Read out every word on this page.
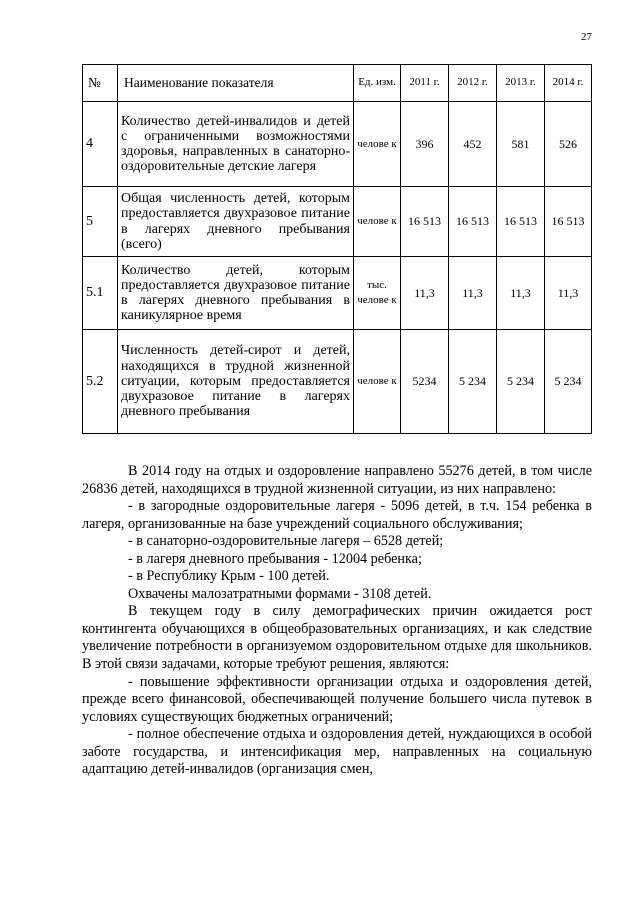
27
№	Наименование показателя	Ед. изм.	2011 г.	2012 г.	2013 г.	2014 г.
4	Количество детей-инвалидов и детей с ограниченными возможностями здоровья, направленных в санаторно-оздоровительные детские лагеря	челове к	396	452	581	526
5	Общая численность детей, которым предоставляется двухразовое питание в лагерях дневного пребывания (всего)	челове к	16 513	16 513	16 513	16 513
5.1	Количество детей, которым предоставляется двухразовое питание в лагерях дневного пребывания в каникулярное время	тыс. челове к	11,3	11,3	11,3	11,3
5.2	Численность детей-сирот и детей, находящихся в трудной жизненной ситуации, которым предоставляется двухразовое питание в лагерях дневного пребывания	челове к	5234	5 234	5 234	5 234

В 2014 году на отдых и оздоровление направлено 55276 детей, в том числе 26836 детей, находящихся в трудной жизненной ситуации, из них направлено:

- в загородные оздоровительные лагеря - 5096 детей, в т.ч. 154 ребенка в лагеря, организованные на базе учреждений социального обслуживания;

- в санаторно-оздоровительные лагеря – 6528 детей;

- в лагеря дневного пребывания - 12004 ребенка;

- в Республику Крым - 100 детей.

Охвачены малозатратными формами - 3108 детей.

В текущем году в силу демографических причин ожидается рост контингента обучающихся в общеобразовательных организациях, и как следствие увеличение потребности в организуемом оздоровительном отдыхе для школьников. В этой связи задачами, которые требуют решения, являются:

- повышение эффективности организации отдыха и оздоровления детей, прежде всего финансовой, обеспечивающей получение большего числа путевок в условиях существующих бюджетных ограничений;

- полное обеспечение отдыха и оздоровления детей, нуждающихся в особой заботе государства, и интенсификация мер, направленных на социальную адаптацию детей-инвалидов (организация смен,
